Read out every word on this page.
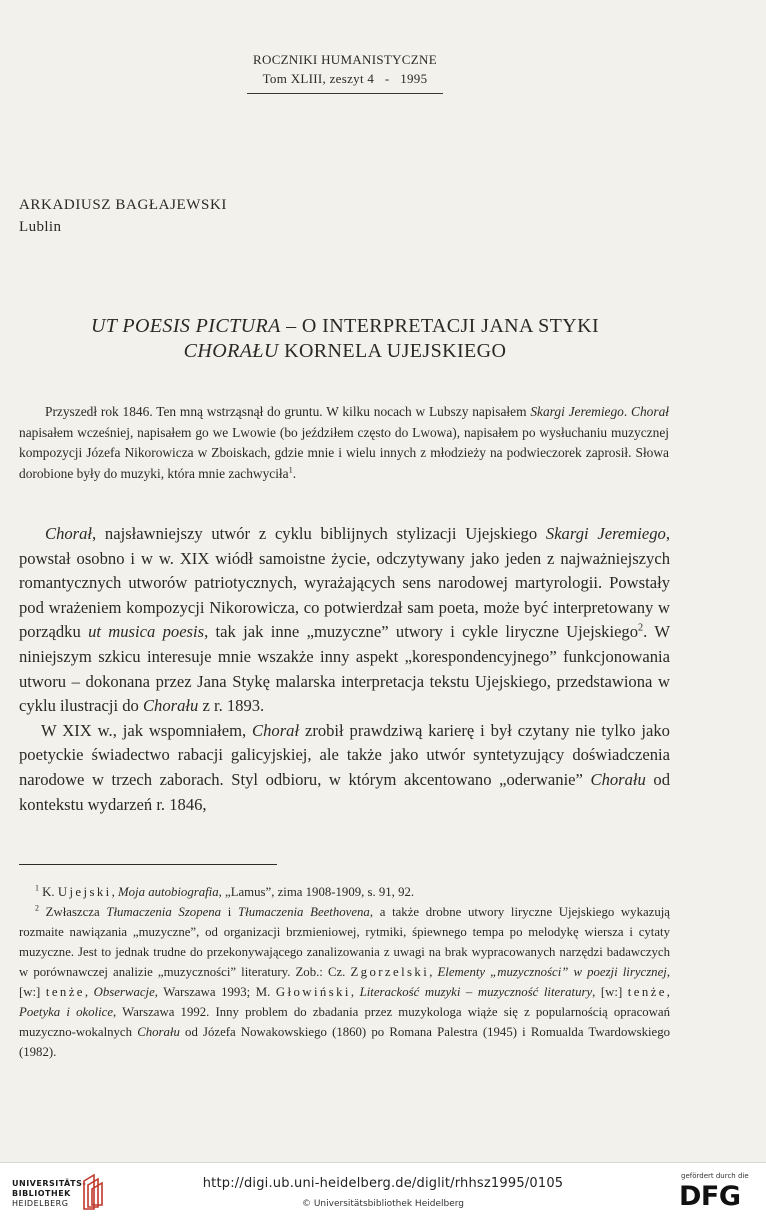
ROCZNIKI HUMANISTYCZNE
Tom XLIII, zeszyt 4 - 1995
ARKADIUSZ BAGŁAJEWSKI
Lublin
UT POESIS PICTURA – O INTERPRETACJI JANA STYKI
CHORAŁU KORNELA UJEJSKIEGO

Przyszedł rok 1846. Ten mną wstrząsnął do gruntu. W kilku nocach w Lubszy napisałem Skargi Jeremiego. Chorał napisałem wcześniej, napisałem go we Lwowie (bo jeździłem często do Lwowa), napisałem po wysłuchaniu muzycznej kompozycji Józefa Nikorowicza w Zboiskach, gdzie mnie i wielu innych z młodzieży na podwieczorek zaprosił. Słowa dorobione były do muzyki, która mnie zachwyciła$^1$.

Chorał, najsławniejszy utwór z cyklu biblijnych stylizacji Ujejskiego Skargi Jeremiego, powstał osobno i w w. XIX wiódł samoistne życie, odczytywany jako jeden z najważniejszych romantycznych utworów patriotycznych, wyrażających sens narodowej martyrologii. Powstały pod wrażeniem kompozycji Nikorowicza, co potwierdzał sam poeta, może być interpretowany w porządku ut musica poesis, tak jak inne „muzyczne” utwory i cykle liryczne Ujejskiego$^2$. W niniejszym szkicu interesuje mnie wszakże inny aspekt „korespondencyjnego” funkcjonowania utworu – dokonana przez Jana Stykę malarska interpretacja tekstu Ujejskiego, przedstawiona w cyklu ilustracji do Chorału z r. 1893.

W XIX w., jak wspomniałem, Chorał zrobił prawdziwą karierę i był czytany nie tylko jako poetyckie świadectwo rabacji galicyjskiej, ale także jako utwór syntetyzujący doświadczenia narodowe w trzech zaborach. Styl odbioru, w którym akcentowano „oderwanie” Chorału od kontekstu wydarzeń r. 1846,

$^1$ K. Ujejski, Moja autobiografia, „Lamus”, zima 1908-1909, s. 91, 92.

$^2$ Zwłaszcza Tłumaczenia Szopena i Tłumaczenia Beethovena, a także drobne utwory liryczne Ujejskiego wykazują rozmaite nawiązania „muzyczne”, od organizacji brzmieniowej, rytmiki, śpiewnego tempa po melodykę wiersza i cytaty muzyczne. Jest to jednak trudne do przekonywającego zanalizowania z uwagi na brak wypracowanych narzędzi badawczych w porównawczej analizie „muzyczności” literatury. Zob.: Cz. Zgorzelski, Elementy „muzyczności” w poezji lirycznej, [w:] tenże, Obserwacje, Warszawa 1993; M. Głowiński, Literackość muzyki – muzyczność literatury, [w:] tenże, Poetyka i okolice, Warszawa 1992. Inny problem do zbadania przez muzykologa wiąże się z popularnością opracowań muzyczno-wokalnych Chorału od Józefa Nowakowskiego (1860) po Romana Palestra (1945) i Romualda Twardowskiego (1982).

UNIVERSITÄTS-
BIBLIOTHEK
HEIDELBERG
http://digi.ub.uni-heidelberg.de/diglit/rhhsz1995/0105
© Universitätsbibliothek Heidelberg
gefördert durch die
DFG
